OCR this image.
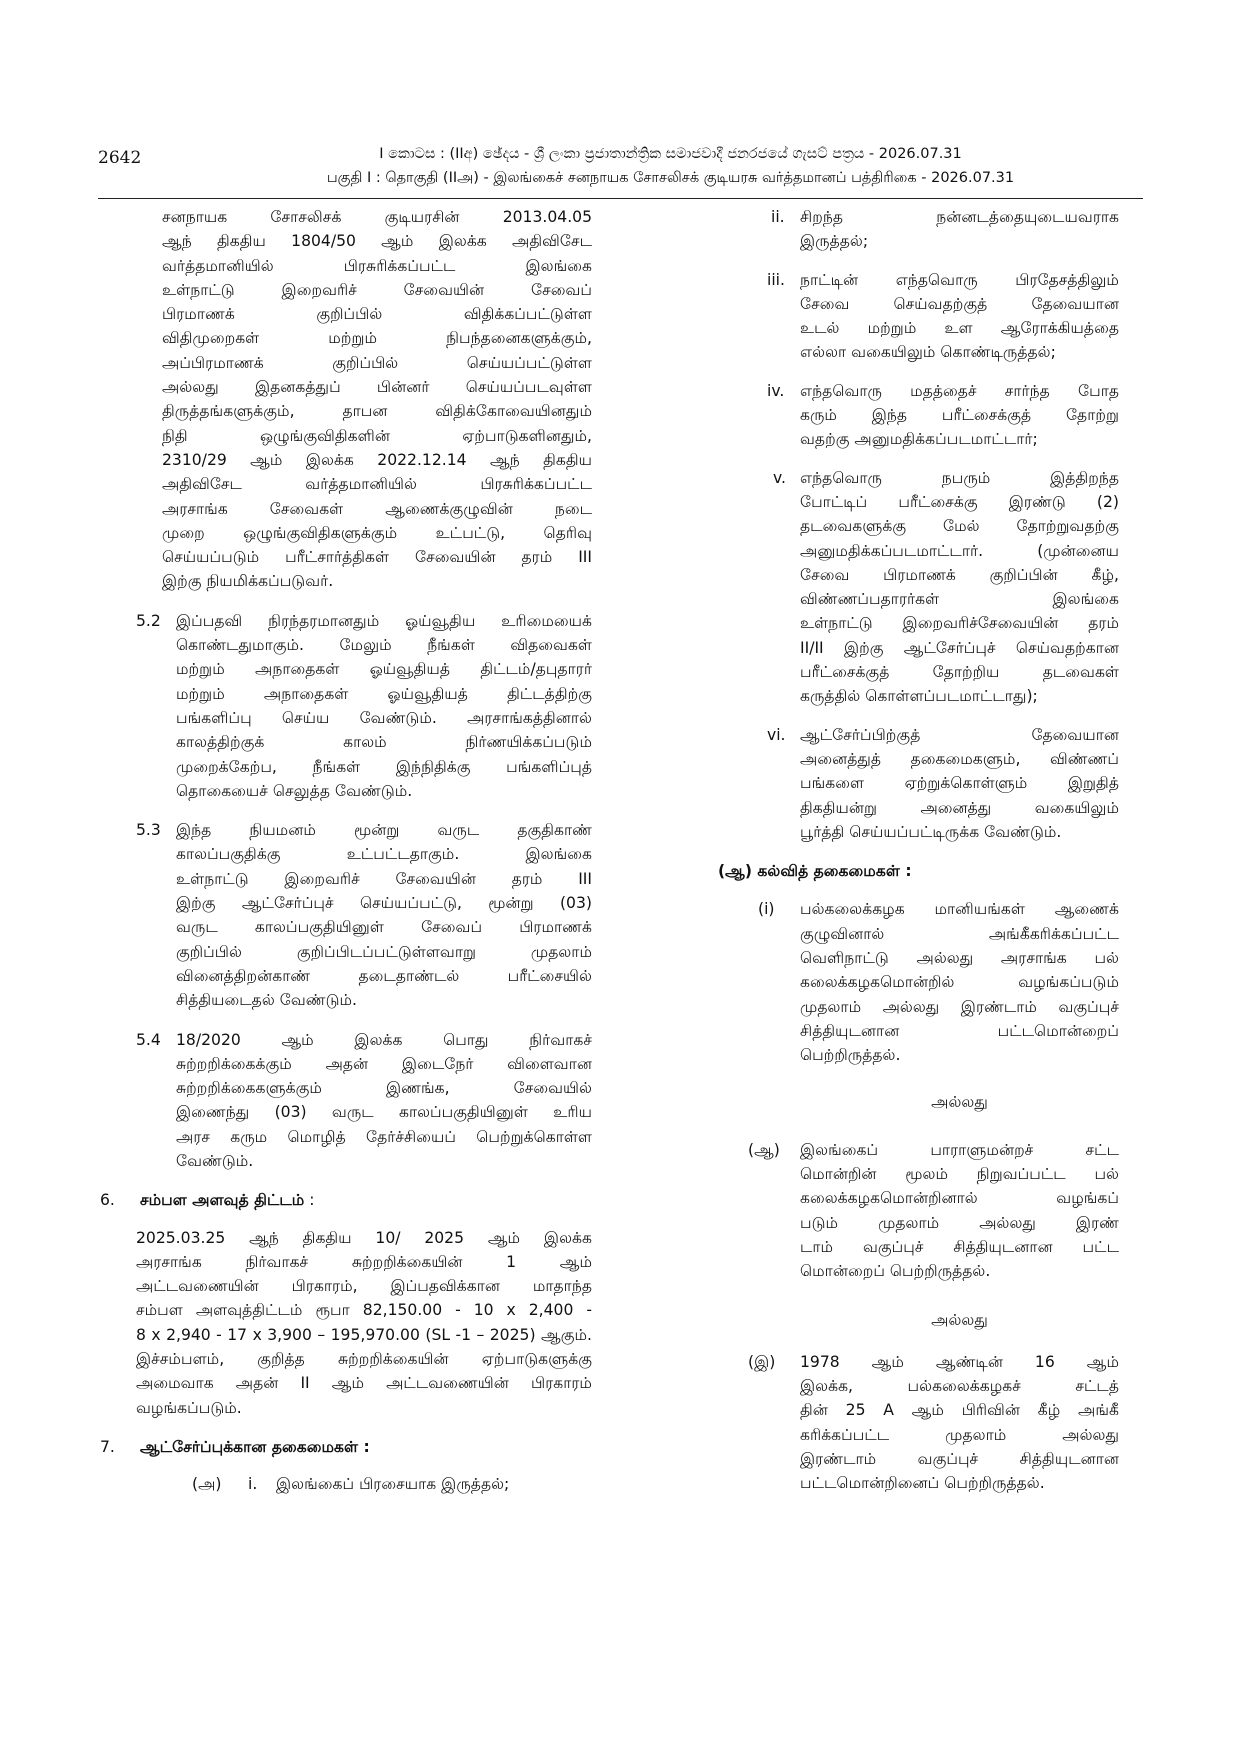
2642	I කොටස : (IIඅ) ඡේදය - ශ්‍රී ලංකා ප්‍රජාතාන්ත්‍රික සමාජවාදී ජනරජයේ ගැසට් පත්‍රය - 2026.07.31
பகுதி I : தொகுதி (IIஅ) - இலங்கைச் சனநாயக சோசலிசக் குடியரசு வர்த்தமானப் பத்திரிகை - 2026.07.31

சனநாயக சோசலிசக் குடியரசின் 2013.04.05

ஆந் திகதிய 1804/50 ஆம் இலக்க அதிவிசேட

வர்த்தமானியில் பிரசுரிக்கப்பட்ட இலங்கை

உள்நாட்டு இறைவரிச் சேவையின் சேவைப்

பிரமாணக் குறிப்பில் விதிக்கப்பட்டுள்ள

விதிமுறைகள் மற்றும் நிபந்தனைகளுக்கும்,

அப்பிரமாணக் குறிப்பில் செய்யப்பட்டுள்ள

அல்லது இதனகத்துப் பின்னர் செய்யப்படவுள்ள

திருத்தங்களுக்கும், தாபன விதிக்கோவையினதும்

நிதி ஒழுங்குவிதிகளின் ஏற்பாடுகளினதும்,

2310/29 ஆம் இலக்க 2022.12.14 ஆந் திகதிய

அதிவிசேட வர்த்தமானியில் பிரசுரிக்கப்பட்ட

அரசாங்க சேவைகள் ஆணைக்குழுவின் நடை

முறை ஒழுங்குவிதிகளுக்கும் உட்பட்டு, தெரிவு

செய்யப்படும் பரீட்சார்த்திகள் சேவையின் தரம் III

இற்கு நியமிக்கப்படுவர்.

5.2 இப்பதவி நிரந்தரமானதும் ஓய்வூதிய உரிமையைக்

கொண்டதுமாகும். மேலும் நீங்கள் விதவைகள்

மற்றும் அநாதைகள் ஓய்வூதியத் திட்டம்/தபுதாரர்

மற்றும் அநாதைகள் ஓய்வூதியத் திட்டத்திற்கு

பங்களிப்பு செய்ய வேண்டும். அரசாங்கத்தினால்

காலத்திற்குக் காலம் நிர்ணயிக்கப்படும்

முறைக்கேற்ப, நீங்கள் இந்நிதிக்கு பங்களிப்புத்

தொகையைச் செலுத்த வேண்டும்.

5.3 இந்த நியமனம் மூன்று வருட தகுதிகாண்

காலப்பகுதிக்கு உட்பட்டதாகும். இலங்கை

உள்நாட்டு இறைவரிச் சேவையின் தரம் III

இற்கு ஆட்சேர்ப்புச் செய்யப்பட்டு, மூன்று (03)

வருட காலப்பகுதியினுள் சேவைப் பிரமாணக்

குறிப்பில் குறிப்பிடப்பட்டுள்ளவாறு முதலாம்

வினைத்திறன்காண் தடைதாண்டல் பரீட்சையில்

சித்தியடைதல் வேண்டும்.

5.4 18/2020 ஆம் இலக்க பொது நிர்வாகச்

சுற்றறிக்கைக்கும் அதன் இடைநேர் விளைவான

சுற்றறிக்கைகளுக்கும் இணங்க, சேவையில்

இணைந்து (03) வருட காலப்பகுதியினுள் உரிய

அரச கரும மொழித் தேர்ச்சியைப் பெற்றுக்கொள்ள

வேண்டும்.

6. சம்பள அளவுத் திட்டம் :

2025.03.25 ஆந் திகதிய 10/ 2025 ஆம் இலக்க

அரசாங்க நிர்வாகச் சுற்றறிக்கையின் 1 ஆம்

அட்டவணையின் பிரகாரம், இப்பதவிக்கான மாதாந்த

சம்பள அளவுத்திட்டம் ரூபா 82,150.00 - 10 x 2,400 -

8 x 2,940 - 17 x 3,900 – 195,970.00 (SL -1 – 2025) ஆகும்.

இச்சம்பளம், குறித்த சுற்றறிக்கையின் ஏற்பாடுகளுக்கு

அமைவாக அதன் II ஆம் அட்டவணையின் பிரகாரம்

வழங்கப்படும்.

7. ஆட்சேர்ப்புக்கான தகைமைகள் :

(அ) i. இலங்கைப் பிரசையாக இருத்தல்;

ii. சிறந்த நன்னடத்தையுடையவராக

இருத்தல்;

iii. நாட்டின் எந்தவொரு பிரதேசத்திலும்

சேவை செய்வதற்குத் தேவையான

உடல் மற்றும் உள ஆரோக்கியத்தை

எல்லா வகையிலும் கொண்டிருத்தல்;

iv. எந்தவொரு மதத்தைச் சார்ந்த போத

கரும் இந்த பரீட்சைக்குத் தோற்று

வதற்கு அனுமதிக்கப்படமாட்டார்;

v. எந்தவொரு நபரும் இத்திறந்த

போட்டிப் பரீட்சைக்கு இரண்டு (2)

தடவைகளுக்கு மேல் தோற்றுவதற்கு

அனுமதிக்கப்படமாட்டார். (முன்னைய

சேவை பிரமாணக் குறிப்பின் கீழ்,

விண்ணப்பதாரர்கள் இலங்கை

உள்நாட்டு இறைவரிச்சேவையின் தரம்

II/II இற்கு ஆட்சேர்ப்புச் செய்வதற்கான

பரீட்சைக்குத் தோற்றிய தடவைகள்

கருத்தில் கொள்ளப்படமாட்டாது);

vi. ஆட்சேர்ப்பிற்குத் தேவையான

அனைத்துத் தகைமைகளும், விண்ணப்

பங்களை ஏற்றுக்கொள்ளும் இறுதித்

திகதியன்று அனைத்து வகையிலும்

பூர்த்தி செய்யப்பட்டிருக்க வேண்டும்.

(ஆ) கல்வித் தகைமைகள் :

(i) பல்கலைக்கழக மானியங்கள் ஆணைக்

குழுவினால் அங்கீகரிக்கப்பட்ட

வெளிநாட்டு அல்லது அரசாங்க பல்

கலைக்கழகமொன்றில் வழங்கப்படும்

முதலாம் அல்லது இரண்டாம் வகுப்புச்

சித்தியுடனான பட்டமொன்றைப்

பெற்றிருத்தல்.

அல்லது

(ஆ) இலங்கைப் பாராளுமன்றச் சட்ட

மொன்றின் மூலம் நிறுவப்பட்ட பல்

கலைக்கழகமொன்றினால் வழங்கப்

படும் முதலாம் அல்லது இரண்

டாம் வகுப்புச் சித்தியுடனான பட்ட

மொன்றைப் பெற்றிருத்தல்.

அல்லது

(இ) 1978 ஆம் ஆண்டின் 16 ஆம்

இலக்க, பல்கலைக்கழகச் சட்டத்

தின் 25 A ஆம் பிரிவின் கீழ் அங்கீ

கரிக்கப்பட்ட முதலாம் அல்லது

இரண்டாம் வகுப்புச் சித்தியுடனான

பட்டமொன்றினைப் பெற்றிருத்தல்.
